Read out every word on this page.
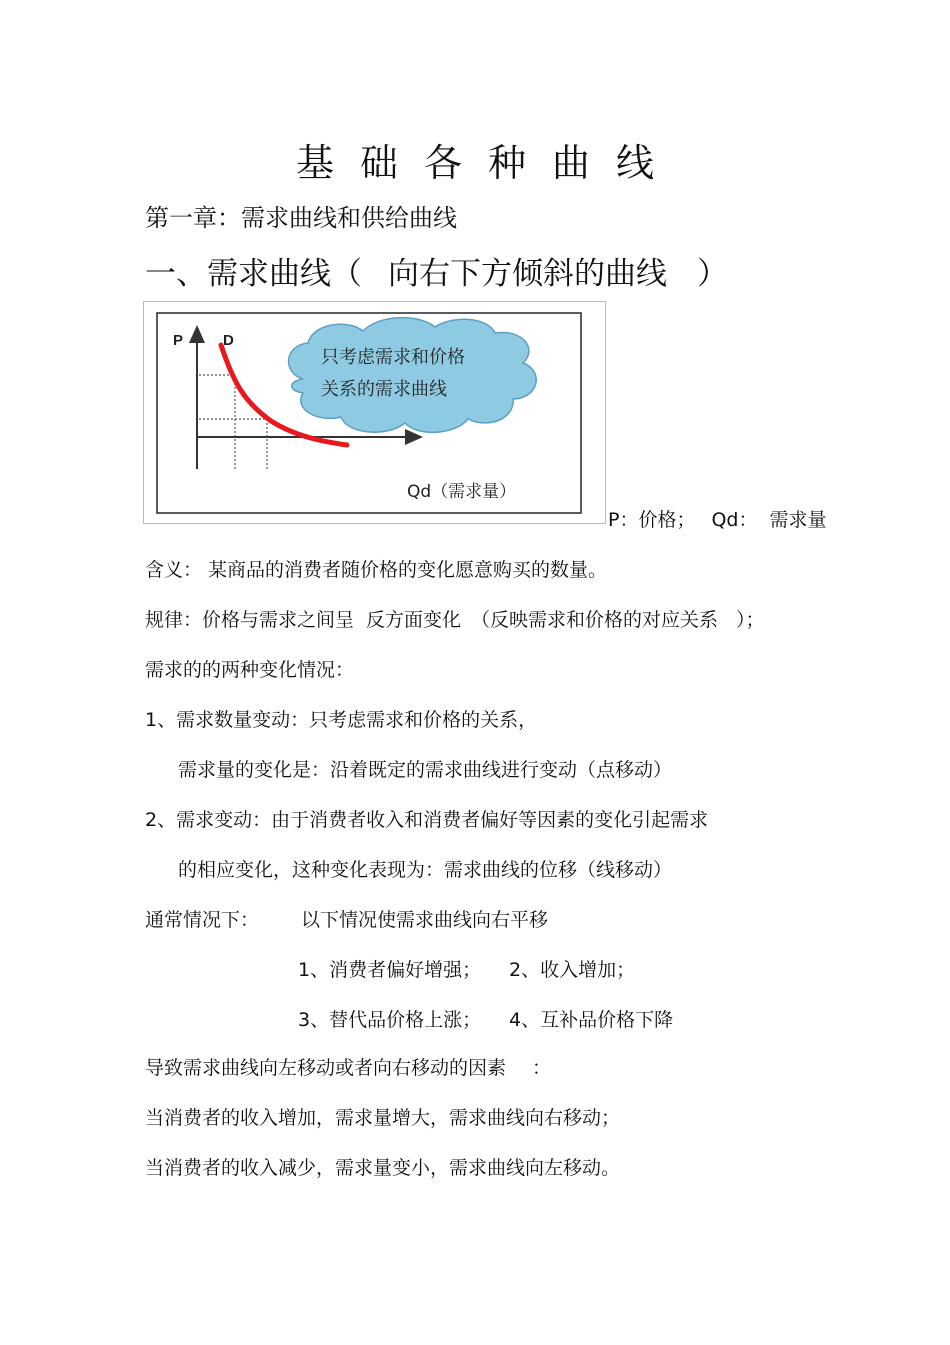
基础各种曲线
第一章：需求曲线和供给曲线
一、需求曲线（ 向右下方倾斜的曲线 ）
P	D
只考虑需求和价格
关系的需求曲线
Qd（需求量）
P：价格； Qd： 需求量
含义： 某商品的消费者随价格的变化愿意购买的数量。
规律：价格与需求之间呈 反方面变化 （反映需求和价格的对应关系 ）；
需求的的两种变化情况：
1、需求数量变动：只考虑需求和价格的关系，
需求量的变化是：沿着既定的需求曲线进行变动（点移动）
2、需求变动：由于消费者收入和消费者偏好等因素的变化引起需求
的相应变化，这种变化表现为：需求曲线的位移（线移动）
通常情况下： 以下情况使需求曲线向右平移
1、消费者偏好增强； 2、收入增加；
3、替代品价格上涨； 4、互补品价格下降
导致需求曲线向左移动或者向右移动的因素 ：
当消费者的收入增加，需求量增大，需求曲线向右移动；
当消费者的收入减少，需求量变小，需求曲线向左移动。
